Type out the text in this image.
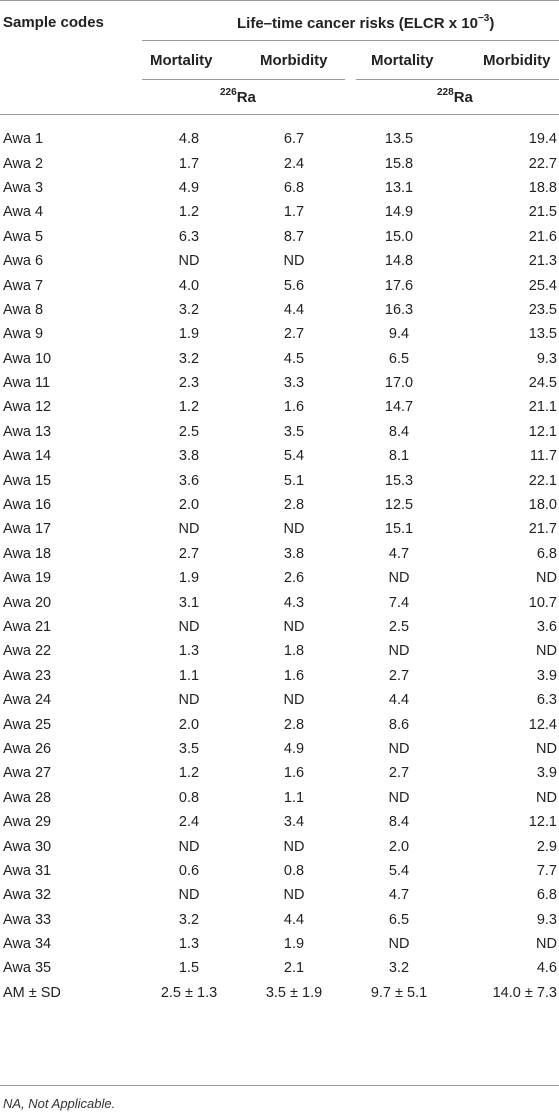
Sample codes	Life–time cancer risks (ELCR x $10^{-3}$)
Mortality	Morbidity	Mortality	Morbidity
$^{226}$Ra	$^{228}$Ra
Awa 1	4.8	6.7	13.5	19.4
Awa 2	1.7	2.4	15.8	22.7
Awa 3	4.9	6.8	13.1	18.8
Awa 4	1.2	1.7	14.9	21.5
Awa 5	6.3	8.7	15.0	21.6
Awa 6	ND	ND	14.8	21.3
Awa 7	4.0	5.6	17.6	25.4
Awa 8	3.2	4.4	16.3	23.5
Awa 9	1.9	2.7	9.4	13.5
Awa 10	3.2	4.5	6.5	9.3
Awa 11	2.3	3.3	17.0	24.5
Awa 12	1.2	1.6	14.7	21.1
Awa 13	2.5	3.5	8.4	12.1
Awa 14	3.8	5.4	8.1	11.7
Awa 15	3.6	5.1	15.3	22.1
Awa 16	2.0	2.8	12.5	18.0
Awa 17	ND	ND	15.1	21.7
Awa 18	2.7	3.8	4.7	6.8
Awa 19	1.9	2.6	ND	ND
Awa 20	3.1	4.3	7.4	10.7
Awa 21	ND	ND	2.5	3.6
Awa 22	1.3	1.8	ND	ND
Awa 23	1.1	1.6	2.7	3.9
Awa 24	ND	ND	4.4	6.3
Awa 25	2.0	2.8	8.6	12.4
Awa 26	3.5	4.9	ND	ND
Awa 27	1.2	1.6	2.7	3.9
Awa 28	0.8	1.1	ND	ND
Awa 29	2.4	3.4	8.4	12.1
Awa 30	ND	ND	2.0	2.9
Awa 31	0.6	0.8	5.4	7.7
Awa 32	ND	ND	4.7	6.8
Awa 33	3.2	4.4	6.5	9.3
Awa 34	1.3	1.9	ND	ND
Awa 35	1.5	2.1	3.2	4.6
AM ± SD	2.5 ± 1.3	3.5 ± 1.9	9.7 ± 5.1	14.0 ± 7.3
NA, Not Applicable.
